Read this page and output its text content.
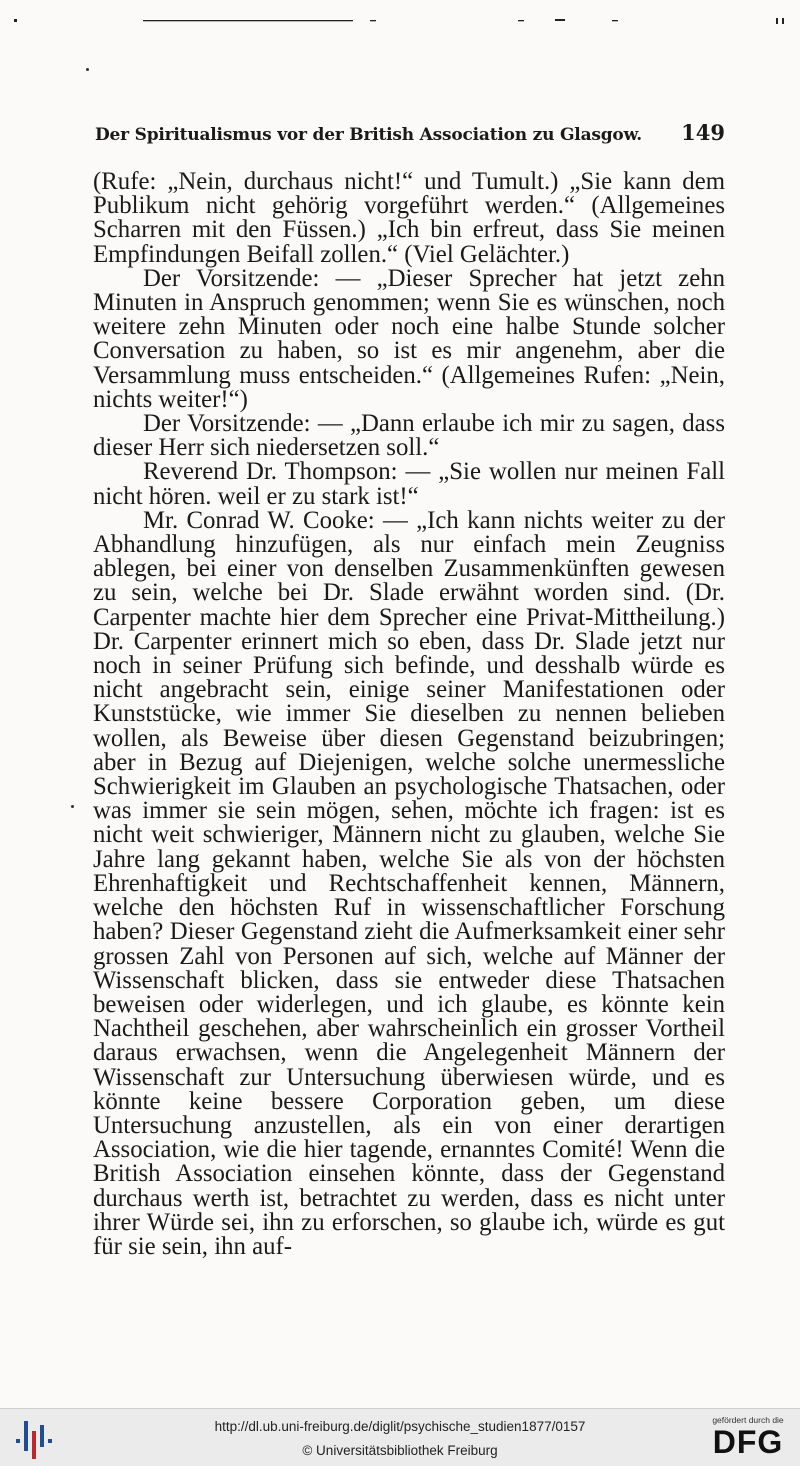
Der Spiritualismus vor der British Association zu Glasgow. 149

(Rufe: „Nein, durchaus nicht!“ und Tumult.) „Sie kann dem Publikum nicht gehörig vorgeführt werden.“ (Allgemeines Scharren mit den Füssen.) „Ich bin erfreut, dass Sie meinen Empfindungen Beifall zollen.“ (Viel Gelächter.)

Der Vorsitzende: — „Dieser Sprecher hat jetzt zehn Minuten in Anspruch genommen; wenn Sie es wünschen, noch weitere zehn Minuten oder noch eine halbe Stunde solcher Conversation zu haben, so ist es mir angenehm, aber die Versammlung muss entscheiden.“ (Allgemeines Rufen: „Nein, nichts weiter!“)

Der Vorsitzende: — „Dann erlaube ich mir zu sagen, dass dieser Herr sich niedersetzen soll.“

Reverend Dr. Thompson: — „Sie wollen nur meinen Fall nicht hören. weil er zu stark ist!“

Mr. Conrad W. Cooke: — „Ich kann nichts weiter zu der Abhandlung hinzufügen, als nur einfach mein Zeugniss ablegen, bei einer von denselben Zusammenkünften gewesen zu sein, welche bei Dr. Slade erwähnt worden sind. (Dr. Carpenter machte hier dem Sprecher eine Privat-Mittheilung.) Dr. Carpenter erinnert mich so eben, dass Dr. Slade jetzt nur noch in seiner Prüfung sich befinde, und desshalb würde es nicht angebracht sein, einige seiner Manifestationen oder Kunststücke, wie immer Sie dieselben zu nennen belieben wollen, als Beweise über diesen Gegenstand beizubringen; aber in Bezug auf Diejenigen, welche solche unermessliche Schwierigkeit im Glauben an psychologische Thatsachen, oder was immer sie sein mögen, sehen, möchte ich fragen: ist es nicht weit schwieriger, Männern nicht zu glauben, welche Sie Jahre lang gekannt haben, welche Sie als von der höchsten Ehrenhaftigkeit und Rechtschaffenheit kennen, Männern, welche den höchsten Ruf in wissenschaftlicher Forschung haben? Dieser Gegenstand zieht die Aufmerksamkeit einer sehr grossen Zahl von Personen auf sich, welche auf Männer der Wissenschaft blicken, dass sie entweder diese Thatsachen beweisen oder widerlegen, und ich glaube, es könnte kein Nachtheil geschehen, aber wahrscheinlich ein grosser Vortheil daraus erwachsen, wenn die Angelegenheit Männern der Wissenschaft zur Untersuchung überwiesen würde, und es könnte keine bessere Corporation geben, um diese Untersuchung anzustellen, als ein von einer derartigen Association, wie die hier tagende, ernanntes Comité! Wenn die British Association einsehen könnte, dass der Gegenstand durchaus werth ist, betrachtet zu werden, dass es nicht unter ihrer Würde sei, ihn zu erforschen, so glaube ich, würde es gut für sie sein, ihn auf-

http://dl.ub.uni-freiburg.de/diglit/psychische_studien1877/0157
© Universitätsbibliothek Freiburg
gefördert durch die
DFG
